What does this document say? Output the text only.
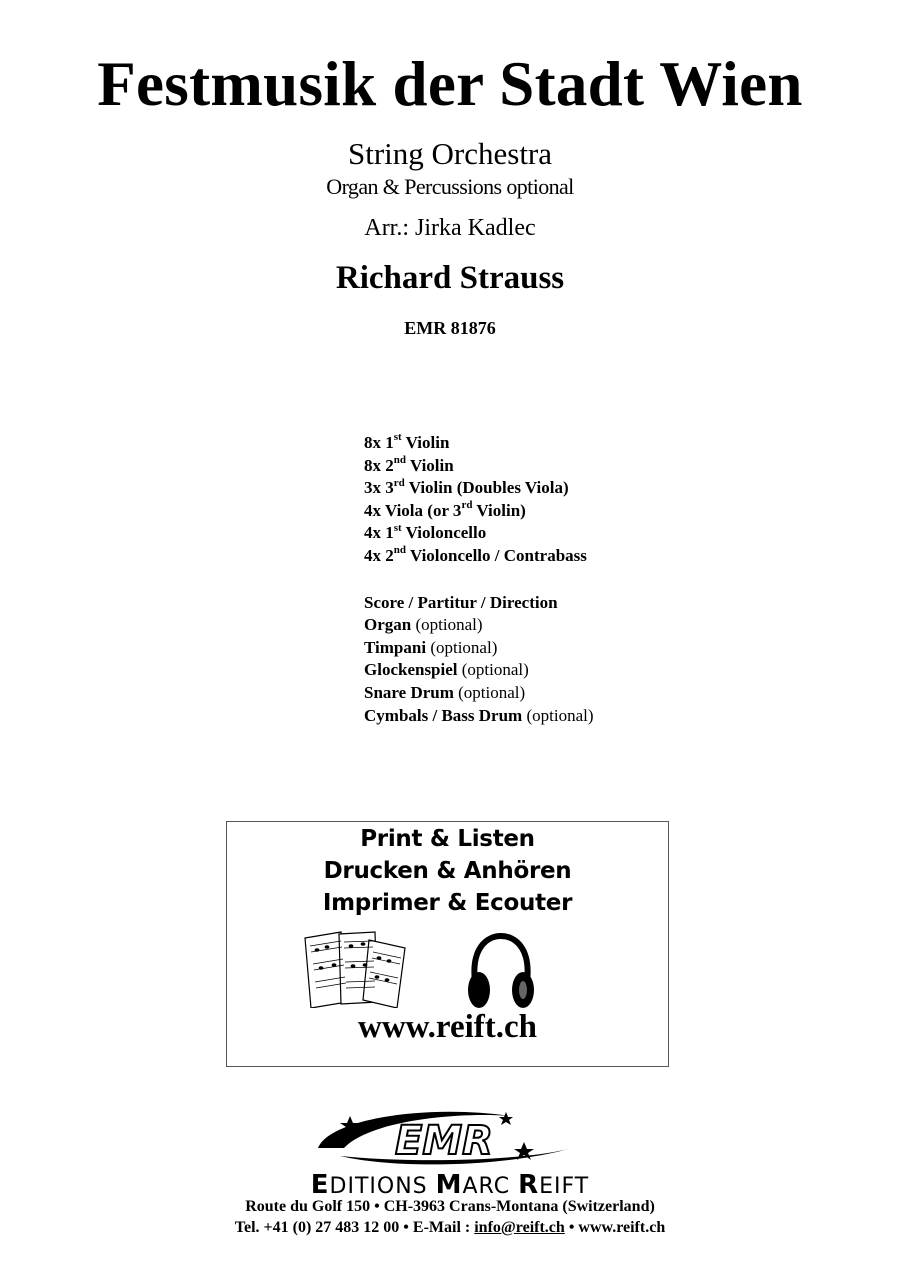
Festmusik der Stadt Wien
String Orchestra
Organ & Percussions optional
Arr.: Jirka Kadlec
Richard Strauss
EMR 81876
8x 1st Violin
8x 2nd Violin
3x 3rd Violin (Doubles Viola)
4x Viola (or 3rd Violin)
4x 1st Violoncello
4x 2nd Violoncello / Contrabass
Score / Partitur / Direction
Organ (optional)
Timpani (optional)
Glockenspiel (optional)
Snare Drum (optional)
Cymbals / Bass Drum (optional)
Print & Listen
Drucken & Anhören
Imprimer & Ecouter
www.reift.ch
EMR
EDITIONS MARC REIFT
Route du Golf 150 • CH-3963 Crans-Montana (Switzerland)
Tel. +41 (0) 27 483 12 00 • E-Mail : info@reift.ch • www.reift.ch
